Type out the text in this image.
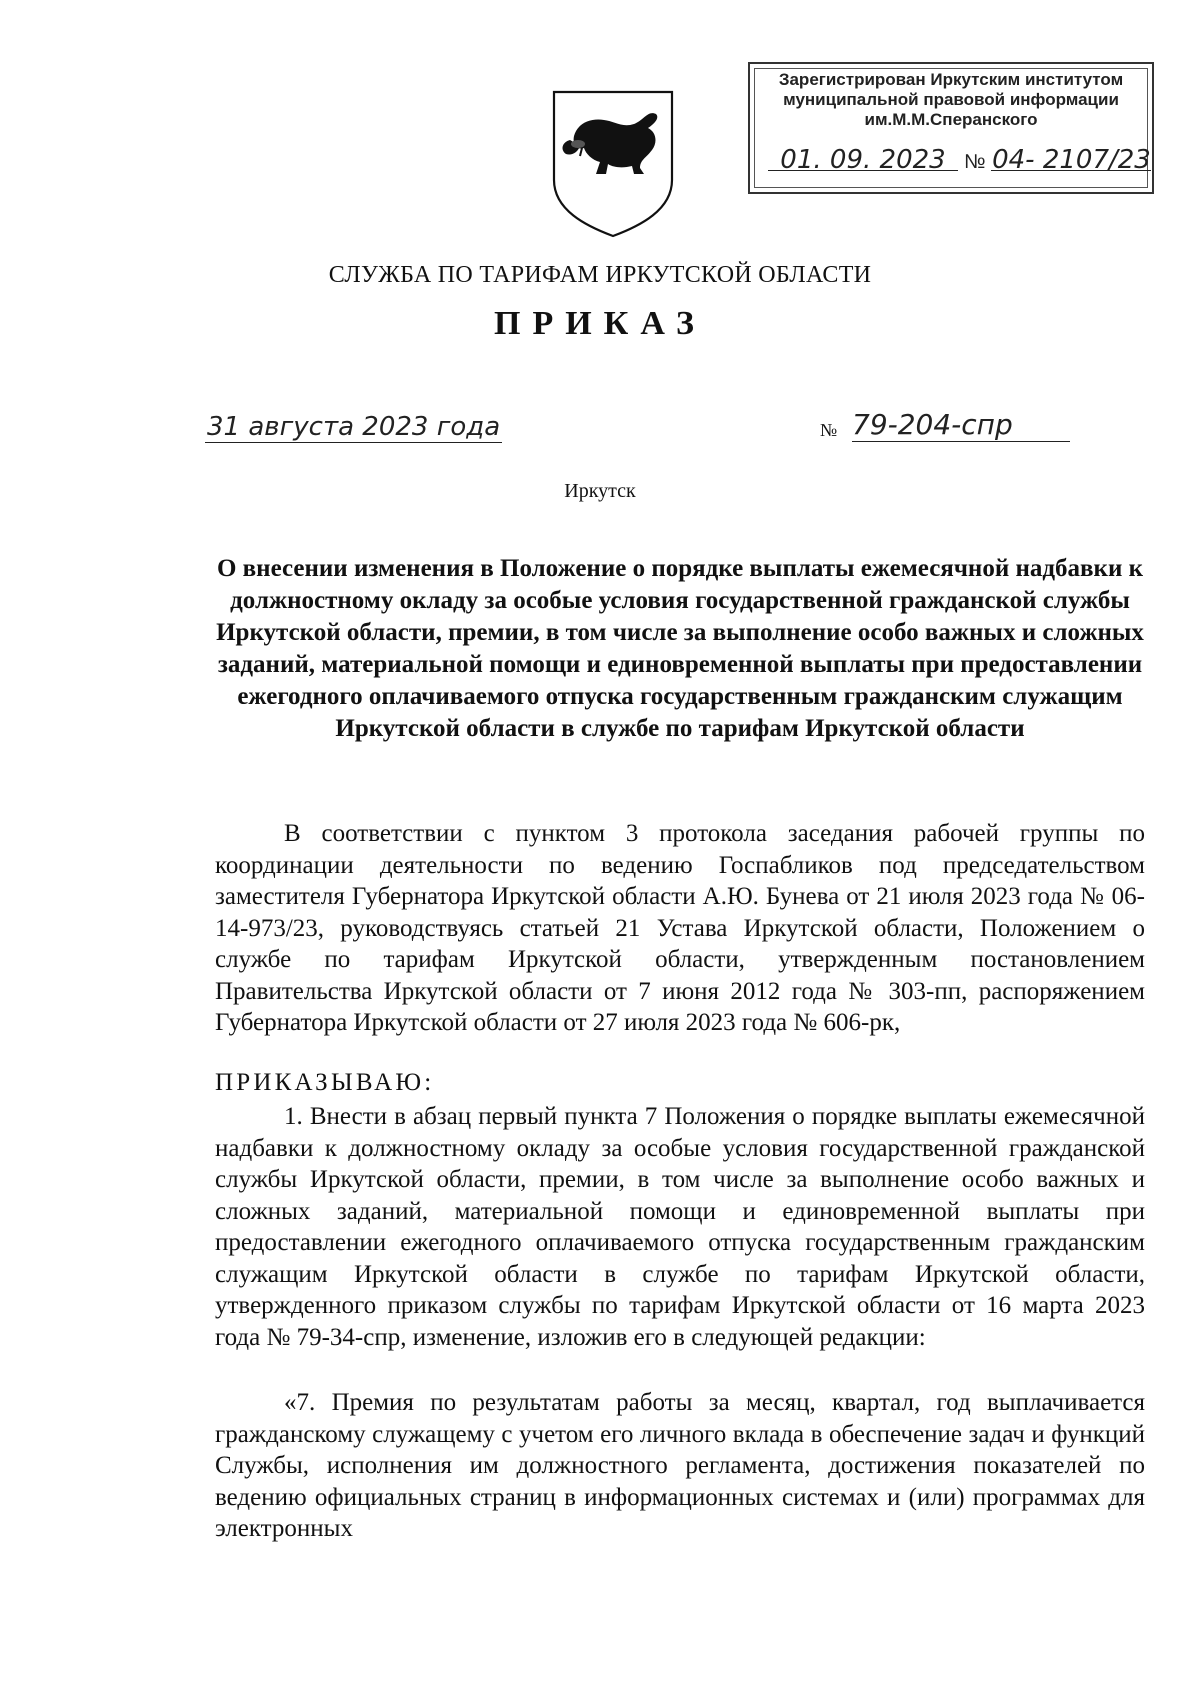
Зарегистрирован Иркутским институтом
муниципальной правовой информации
им.М.М.Сперанского
01. 09. 2023 № 04- 2107/23
СЛУЖБА ПО ТАРИФАМ ИРКУТСКОЙ ОБЛАСТИ
ПРИКАЗ
31 августа 2023 года	№ 79-204-спр
Иркутск
О внесении изменения в Положение о порядке выплаты ежемесячной надбавки к должностному окладу за особые условия государственной гражданской службы Иркутской области, премии, в том числе за выполнение особо важных и сложных заданий, материальной помощи и единовременной выплаты при предоставлении ежегодного оплачиваемого отпуска государственным гражданским служащим Иркутской области в службе по тарифам Иркутской области
В соответствии с пунктом 3 протокола заседания рабочей группы по координации деятельности по ведению Госпабликов под председательством заместителя Губернатора Иркутской области А.Ю. Бунева от 21 июля 2023 года № 06-14-973/23, руководствуясь статьей 21 Устава Иркутской области, Положением о службе по тарифам Иркутской области, утвержденным постановлением Правительства Иркутской области от 7 июня 2012 года № 303-пп, распоряжением Губернатора Иркутской области от 27 июля 2023 года № 606-рк,
ПРИКАЗЫВАЮ:
1. Внести в абзац первый пункта 7 Положения о порядке выплаты ежемесячной надбавки к должностному окладу за особые условия государственной гражданской службы Иркутской области, премии, в том числе за выполнение особо важных и сложных заданий, материальной помощи и единовременной выплаты при предоставлении ежегодного оплачиваемого отпуска государственным гражданским служащим Иркутской области в службе по тарифам Иркутской области, утвержденного приказом службы по тарифам Иркутской области от 16 марта 2023 года № 79-34-спр, изменение, изложив его в следующей редакции:
«7. Премия по результатам работы за месяц, квартал, год выплачивается гражданскому служащему с учетом его личного вклада в обеспечение задач и функций Службы, исполнения им должностного регламента, достижения показателей по ведению официальных страниц в информационных системах и (или) программах для электронных
